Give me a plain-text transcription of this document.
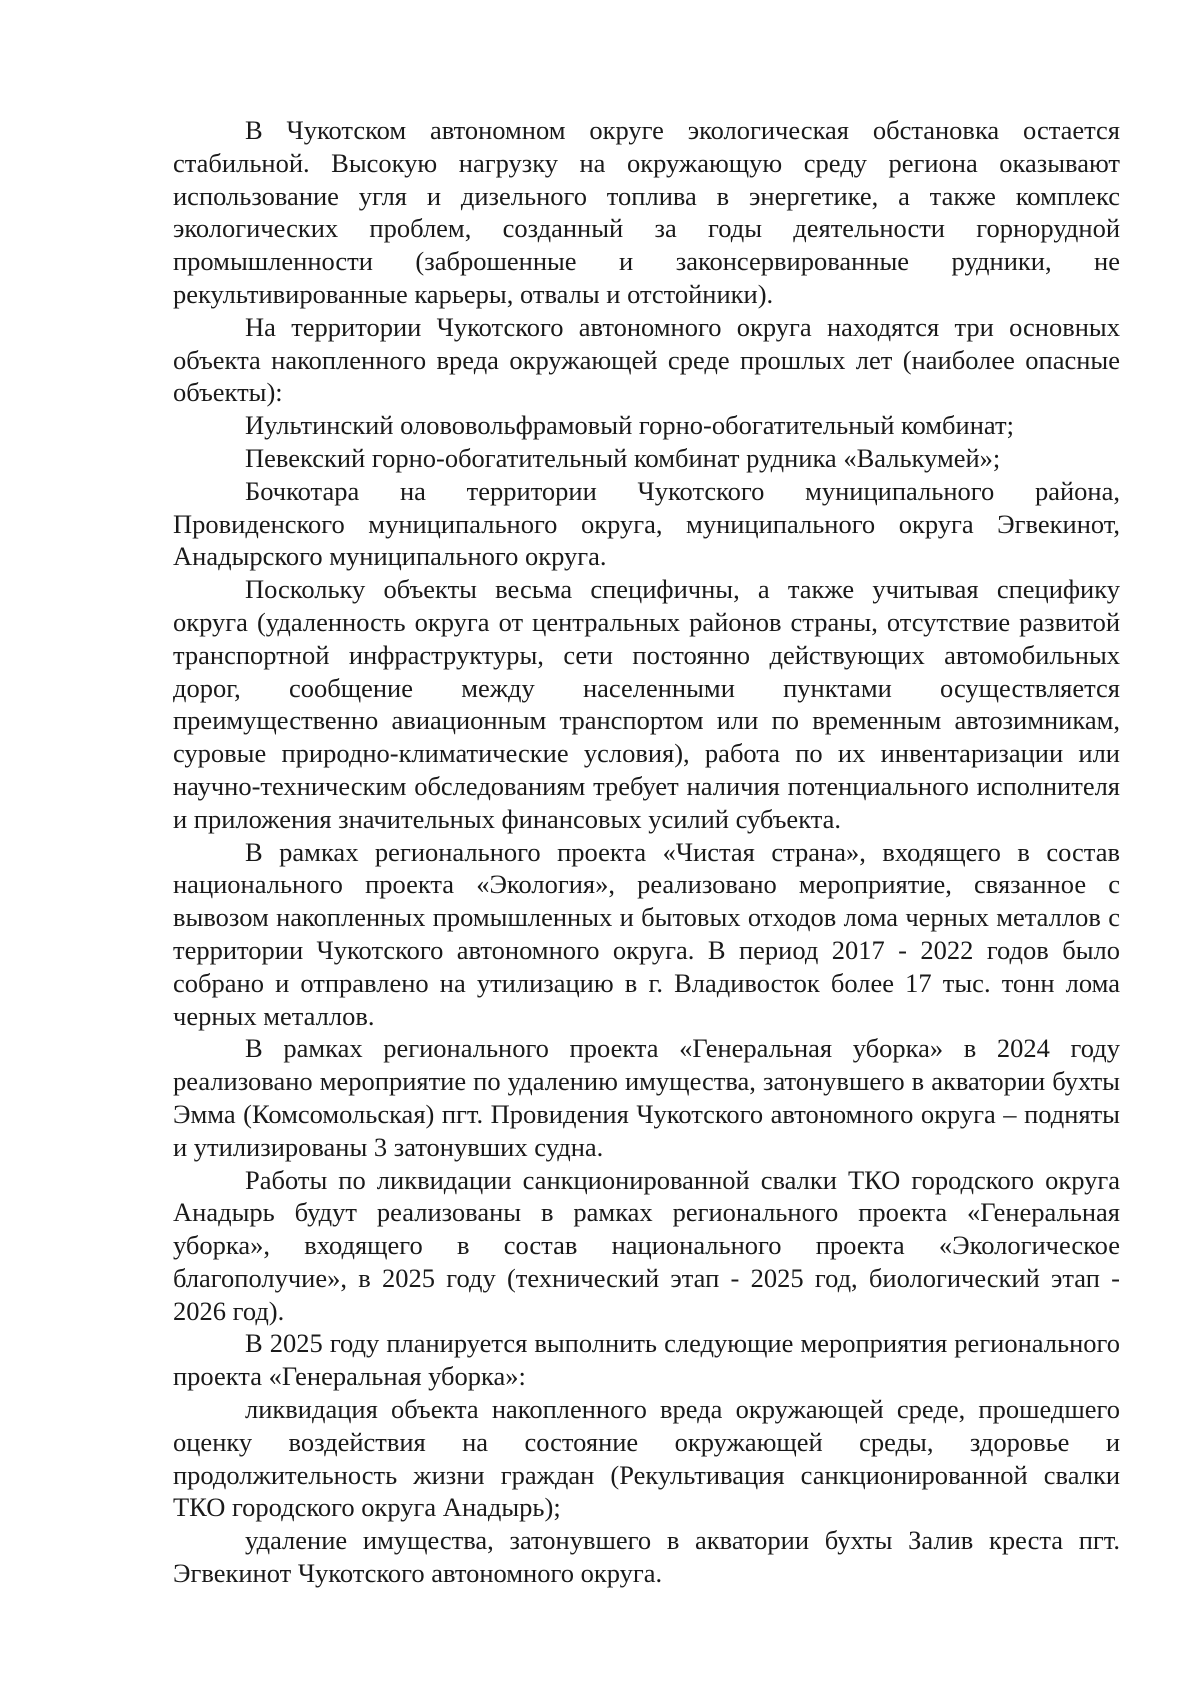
В Чукотском автономном округе экологическая обстановка остается стабильной. Высокую нагрузку на окружающую среду региона оказывают использование угля и дизельного топлива в энергетике, а также комплекс экологических проблем, созданный за годы деятельности горнорудной промышленности (заброшенные и законсервированные рудники, не рекультивированные карьеры, отвалы и отстойники).

На территории Чукотского автономного округа находятся три основных объекта накопленного вреда окружающей среде прошлых лет (наиболее опасные объекты):

Иультинский олововольфрамовый горно-обогатительный комбинат;

Певекский горно-обогатительный комбинат рудника «Валькумей»;

Бочкотара на территории Чукотского муниципального района, Провиденского муниципального округа, муниципального округа Эгвекинот, Анадырского муниципального округа.

Поскольку объекты весьма специфичны, а также учитывая специфику округа (удаленность округа от центральных районов страны, отсутствие развитой транспортной инфраструктуры, сети постоянно действующих автомобильных дорог, сообщение между населенными пунктами осуществляется преимущественно авиационным транспортом или по временным автозимникам, суровые природно-климатические условия), работа по их инвентаризации или научно-техническим обследованиям требует наличия потенциального исполнителя и приложения значительных финансовых усилий субъекта.

В рамках регионального проекта «Чистая страна», входящего в состав национального проекта «Экология», реализовано мероприятие, связанное с вывозом накопленных промышленных и бытовых отходов лома черных металлов с территории Чукотского автономного округа. В период 2017 - 2022 годов было собрано и отправлено на утилизацию в г. Владивосток более 17 тыс. тонн лома черных металлов.

В рамках регионального проекта «Генеральная уборка» в 2024 году реализовано мероприятие по удалению имущества, затонувшего в акватории бухты Эмма (Комсомольская) пгт. Провидения Чукотского автономного округа – подняты и утилизированы 3 затонувших судна.

Работы по ликвидации санкционированной свалки ТКО городского округа Анадырь будут реализованы в рамках регионального проекта «Генеральная уборка», входящего в состав национального проекта «Экологическое благополучие», в 2025 году (технический этап - 2025 год, биологический этап - 2026 год).

В 2025 году планируется выполнить следующие мероприятия регионального проекта «Генеральная уборка»:

ликвидация объекта накопленного вреда окружающей среде, прошедшего оценку воздействия на состояние окружающей среды, здоровье и продолжительность жизни граждан (Рекультивация санкционированной свалки ТКО городского округа Анадырь);

удаление имущества, затонувшего в акватории бухты Залив креста пгт. Эгвекинот Чукотского автономного округа.
